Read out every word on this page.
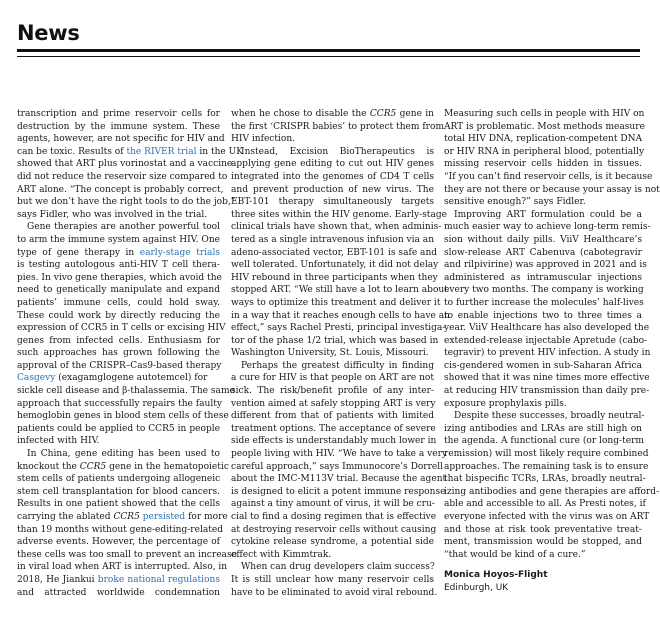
News
transcription and prime reservoir cells for
destruction by the immune system. These
agents, however, are not specific for HIV and
can be toxic. Results of the RIVER trial in the UK
showed that ART plus vorinostat and a vaccine
did not reduce the reservoir size compared to
ART alone. “The concept is probably correct,
but we don’t have the right tools to do the job,”
says Fidler, who was involved in the trial.
Gene therapies are another powerful tool
to arm the immune system against HIV. One
type of gene therapy in early-stage trials
is testing autologous anti-HIV T cell thera-
pies. In vivo gene therapies, which avoid the
need to genetically manipulate and expand
patients’ immune cells, could hold sway.
These could work by directly reducing the
expression of CCR5 in T cells or excising HIV
genes from infected cells. Enthusiasm for
such approaches has grown following the
approval of the CRISPR–Cas9-based therapy
Casgevy (exagamglogene autotemcel) for
sickle cell disease and β-thalassemia. The same
approach that successfully repairs the faulty
hemoglobin genes in blood stem cells of these
patients could be applied to CCR5 in people
infected with HIV.
In China, gene editing has been used to
knockout the CCR5 gene in the hematopoietic
stem cells of patients undergoing allogeneic
stem cell transplantation for blood cancers.
Results in one patient showed that the cells
carrying the ablated CCR5 persisted for more
than 19 months without gene-editing-related
adverse events. However, the percentage of
these cells was too small to prevent an increase
in viral load when ART is interrupted. Also, in
2018, He Jiankui broke national regulations
and attracted worldwide condemnation
when he chose to disable the CCR5 gene in
the first ‘CRISPR babies’ to protect them from
HIV infection.
Instead, Excision BioTherapeutics is
applying gene editing to cut out HIV genes
integrated into the genomes of CD4 T cells
and prevent production of new virus. The
EBT-101 therapy simultaneously targets
three sites within the HIV genome. Early-stage
clinical trials have shown that, when adminis-
tered as a single intravenous infusion via an
adeno-associated vector, EBT-101 is safe and
well tolerated. Unfortunately, it did not delay
HIV rebound in three participants when they
stopped ART. “We still have a lot to learn about
ways to optimize this treatment and deliver it
in a way that it reaches enough cells to have an
effect,” says Rachel Presti, principal investiga-
tor of the phase 1/2 trial, which was based in
Washington University, St. Louis, Missouri.
Perhaps the greatest difficulty in finding
a cure for HIV is that people on ART are not
sick. The risk/benefit profile of any inter-
vention aimed at safely stopping ART is very
different from that of patients with limited
treatment options. The acceptance of severe
side effects is understandably much lower in
people living with HIV. “We have to take a very
careful approach,” says Immunocore’s Dorrell
about the IMC-M113V trial. Because the agent
is designed to elicit a potent immune response
against a tiny amount of virus, it will be cru-
cial to find a dosing regimen that is effective
at destroying reservoir cells without causing
cytokine release syndrome, a potential side
effect with Kimmtrak.
When can drug developers claim success?
It is still unclear how many reservoir cells
have to be eliminated to avoid viral rebound.
Measuring such cells in people with HIV on
ART is problematic. Most methods measure
total HIV DNA, replication-competent DNA
or HIV RNA in peripheral blood, potentially
missing reservoir cells hidden in tissues.
“If you can’t find reservoir cells, is it because
they are not there or because your assay is not
sensitive enough?” says Fidler.
Improving ART formulation could be a
much easier way to achieve long-term remis-
sion without daily pills. ViiV Healthcare’s
slow-release ART Cabenuva (cabotegravir
and rilpivirine) was approved in 2021 and is
administered as intramuscular injections
every two months. The company is working
to further increase the molecules’ half-lives
to enable injections two to three times a
year. ViiV Healthcare has also developed the
extended-release injectable Apretude (cabo-
tegravir) to prevent HIV infection. A study in
cis-gendered women in sub-Saharan Africa
showed that it was nine times more effective
at reducing HIV transmission than daily pre-
exposure prophylaxis pills.
Despite these successes, broadly neutral-
izing antibodies and LRAs are still high on
the agenda. A functional cure (or long-term
remission) will most likely require combined
approaches. The remaining task is to ensure
that bispecific TCRs, LRAs, broadly neutral-
izing antibodies and gene therapies are afford-
able and accessible to all. As Presti notes, if
everyone infected with the virus was on ART
and those at risk took preventative treat-
ment, transmission would be stopped, and
“that would be kind of a cure.”
Monica Hoyos-Flight
Edinburgh, UK
